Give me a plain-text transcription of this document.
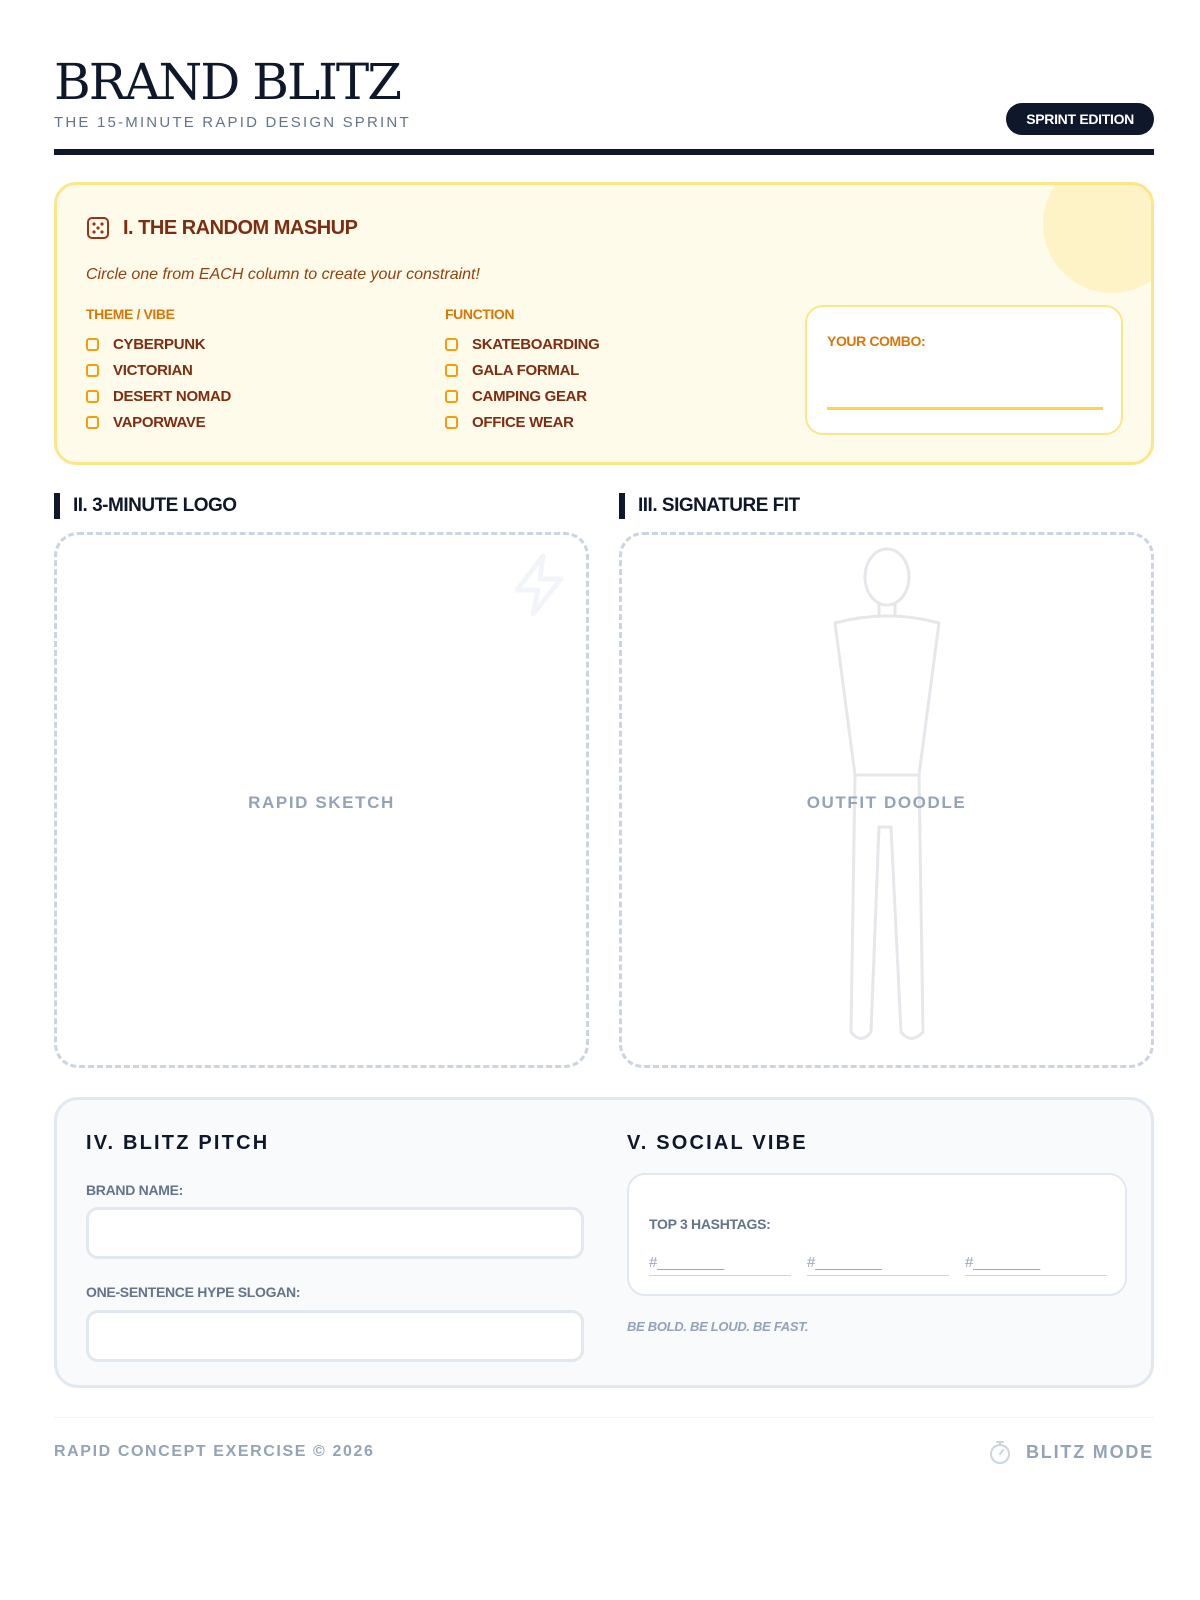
BRAND BLITZ
THE 15-MINUTE RAPID DESIGN SPRINT	SPRINT EDITION
I. THE RANDOM MASHUP
Circle one from EACH column to create your constraint!
THEME / VIBE
CYBERPUNK
VICTORIAN
DESERT NOMAD
VAPORWAVE
FUNCTION
SKATEBOARDING
GALA FORMAL
CAMPING GEAR
OFFICE WEAR
YOUR COMBO:
II. 3-MINUTE LOGO
RAPID SKETCH
III. SIGNATURE FIT
OUTFIT DOODLE
IV. BLITZ PITCH
BRAND NAME:
ONE-SENTENCE HYPE SLOGAN:
V. SOCIAL VIBE
TOP 3 HASHTAGS:
#________	#________	#________
BE BOLD. BE LOUD. BE FAST.
RAPID CONCEPT EXERCISE © 2026	BLITZ MODE
